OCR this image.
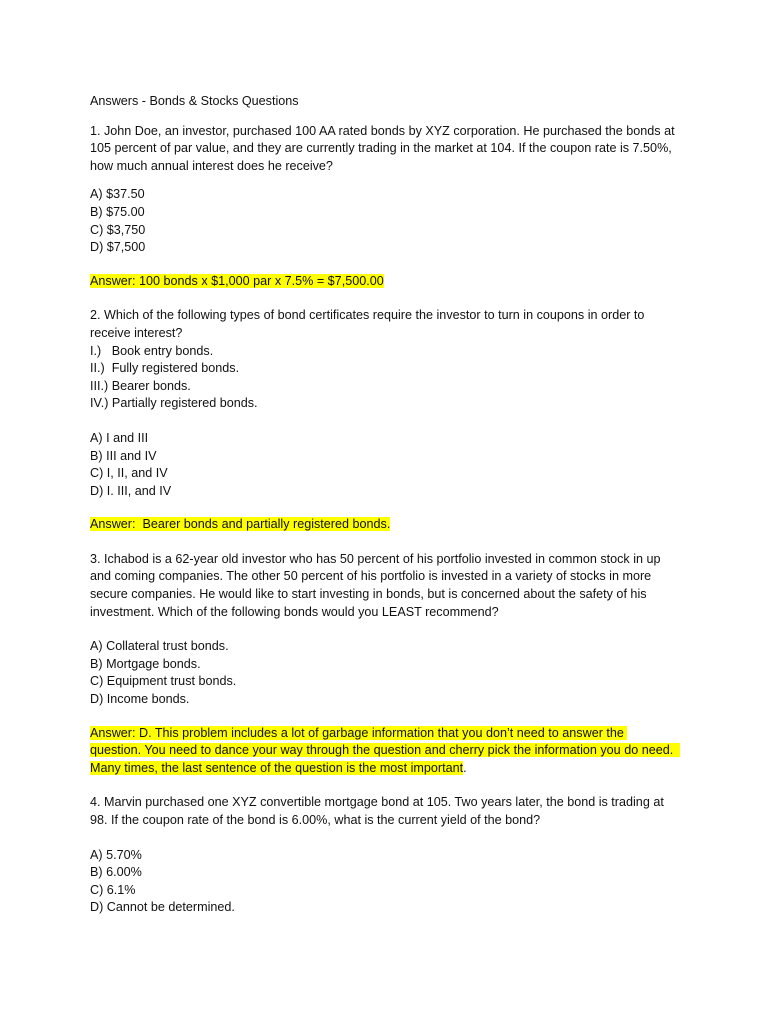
Answers - Bonds & Stocks Questions
1. John Doe, an investor, purchased 100 AA rated bonds by XYZ corporation. He purchased the bonds at 105 percent of par value, and they are currently trading in the market at 104. If the coupon rate is 7.50%, how much annual interest does he receive?
A) $37.50
B) $75.00
C) $3,750
D) $7,500
Answer: 100 bonds x $1,000 par x 7.5% = $7,500.00
2. Which of the following types of bond certificates require the investor to turn in coupons in order to receive interest?
I.)   Book entry bonds.
II.)  Fully registered bonds.
III.) Bearer bonds.
IV.) Partially registered bonds.
A) I and III
B) III and IV
C) I, II, and IV
D) I. III, and IV
Answer:  Bearer bonds and partially registered bonds.
3. Ichabod is a 62-year old investor who has 50 percent of his portfolio invested in common stock in up and coming companies. The other 50 percent of his portfolio is invested in a variety of stocks in more secure companies. He would like to start investing in bonds, but is concerned about the safety of his investment. Which of the following bonds would you LEAST recommend?
A) Collateral trust bonds.
B) Mortgage bonds.
C) Equipment trust bonds.
D) Income bonds.
Answer: D. This problem includes a lot of garbage information that you don’t need to answer the question. You need to dance your way through the question and cherry pick the information you do need.  Many times, the last sentence of the question is the most important.
4. Marvin purchased one XYZ convertible mortgage bond at 105. Two years later, the bond is trading at 98. If the coupon rate of the bond is 6.00%, what is the current yield of the bond?
A) 5.70%
B) 6.00%
C) 6.1%
D) Cannot be determined.
